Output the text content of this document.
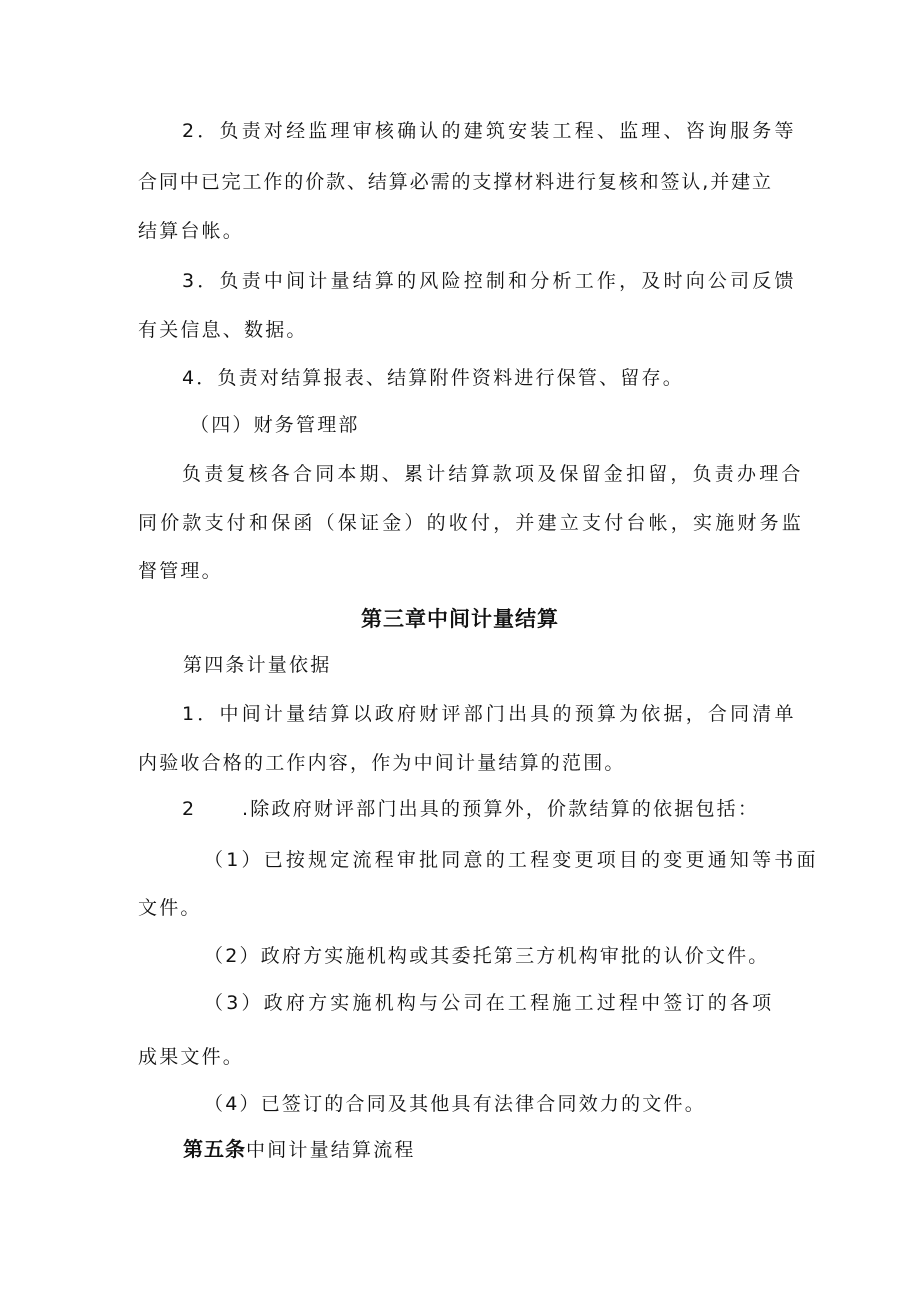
2．负责对经监理审核确认的建筑安装工程、监理、咨询服务等
合同中已完工作的价款、结算必需的支撑材料进行复核和签认,并建立
结算台帐。
3．负责中间计量结算的风险控制和分析工作，及时向公司反馈
有关信息、数据。
4．负责对结算报表、结算附件资料进行保管、留存。
（四）财务管理部
负责复核各合同本期、累计结算款项及保留金扣留，负责办理合
同价款支付和保函（保证金）的收付，并建立支付台帐，实施财务监
督管理。
第三章中间计量结算
第四条计量依据
1．中间计量结算以政府财评部门出具的预算为依据，合同清单
内验收合格的工作内容，作为中间计量结算的范围。
2 .除政府财评部门出具的预算外，价款结算的依据包括：
（1）已按规定流程审批同意的工程变更项目的变更通知等书面
文件。
（2）政府方实施机构或其委托第三方机构审批的认价文件。
（3）政府方实施机构与公司在工程施工过程中签订的各项
成果文件。
（4）已签订的合同及其他具有法律合同效力的文件。
第五条中间计量结算流程
